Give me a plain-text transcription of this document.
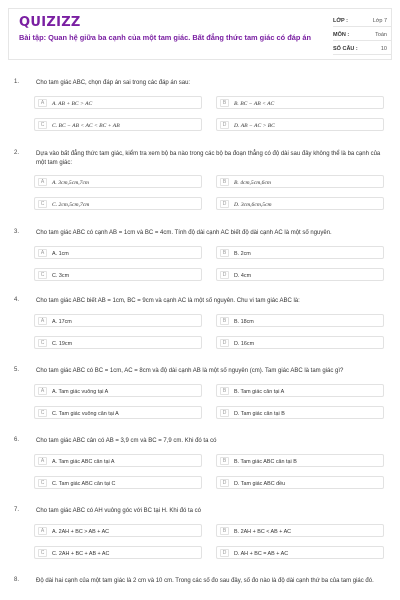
QUIZIZZ
Bài tập: Quan hệ giữa ba cạnh của một tam giác. Bất đẳng thức tam giác có đáp án
LỚP :	Lớp 7
MÔN :	Toán
SỐ CÂU :	10
1.	Cho tam giác ABC, chọn đáp án sai trong các đáp án sau:
A	A. AB + BC > AC	B	B. BC − AB < AC
C	C. BC − AB < AC < BC + AB	D	D. AB − AC > BC
2.	Dựa vào bất đẳng thức tam giác, kiểm tra xem bộ ba nào trong các bộ ba đoạn thẳng có độ dài sau đây không thể là ba cạnh của một tam giác:
A	A. 3cm,5cm,7cm	B	B. 4cm,5cm,6cm
C	C. 2cm,5cm,7cm	D	D. 3cm,6cm,5cm
3.	Cho tam giác ABC có cạnh AB = 1cm và BC = 4cm. Tính độ dài cạnh AC biết độ dài cạnh AC là một số nguyên.
A	A. 1cm	B	B. 2cm
C	C. 3cm	D	D. 4cm
4.	Cho tam giác ABC biết AB = 1cm, BC = 9cm và cạnh AC là một số nguyên. Chu vi tam giác ABC là:
A	A. 17cm	B	B. 18cm
C	C. 19cm	D	D. 16cm
5.	Cho tam giác ABC có BC = 1cm, AC = 8cm và độ dài cạnh AB là một số nguyên (cm). Tam giác ABC là tam giác gì?
A	A. Tam giác vuông tại A	B	B. Tam giác cân tại A
C	C. Tam giác vuông cân tại A	D	D. Tam giác cân tại B
6.	Cho tam giác ABC cân có AB = 3,9 cm và BC = 7,9 cm. Khi đó ta có
A	A. Tam giác ABC cân tại A	B	B. Tam giác ABC cân tại B
C	C. Tam giác ABC cân tại C	D	D. Tam giác ABC đều
7.	Cho tam giác ABC có AH vuông góc với BC tại H. Khi đó ta có
A	A. 2AH + BC > AB + AC	B	B. 2AH + BC < AB + AC
C	C. 2AH + BC + AB + AC	D	D. AH + BC = AB + AC
8.	Độ dài hai cạnh của một tam giác là 2 cm và 10 cm. Trong các số đo sau đây, số đo nào là độ dài cạnh thứ ba của tam giác đó.
